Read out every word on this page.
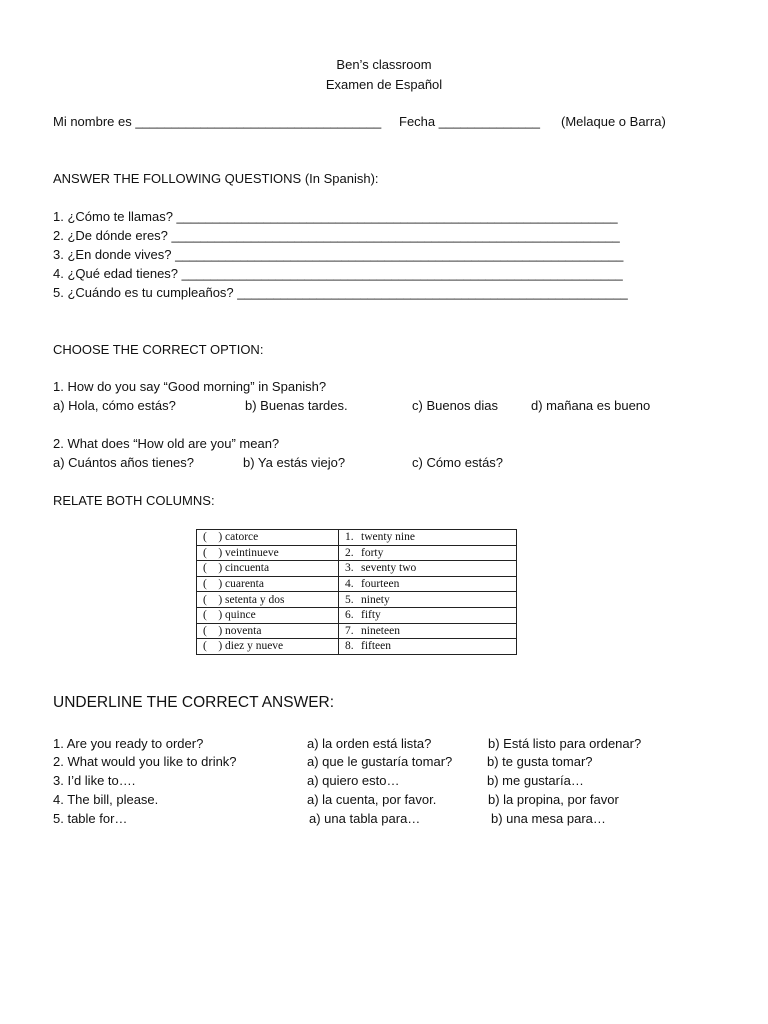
Ben’s classroom
Examen de Español
Mi nombre es __________________________________ Fecha ______________ (Melaque o Barra)
ANSWER THE FOLLOWING QUESTIONS (In Spanish):
1. ¿Cómo te llamas? _____________________________________________________________
2. ¿De dónde eres? ______________________________________________________________
3. ¿En donde vives? ______________________________________________________________
4. ¿Qué edad tienes? _____________________________________________________________
5. ¿Cuándo es tu cumpleaños? ______________________________________________________
CHOOSE THE CORRECT OPTION:
1. How do you say “Good morning” in Spanish?
a) Hola, cómo estás?	b) Buenas tardes.	c) Buenos dias	d) mañana es bueno
2. What does “How old are you” mean?
a) Cuántos años tienes?	b) Ya estás viejo?	c) Cómo estás?
RELATE BOTH COLUMNS:
(    ) catorce	1. twenty nine
(    ) veintinueve	2. forty
(    ) cincuenta	3. seventy two
(    ) cuarenta	4. fourteen
(    ) setenta y dos	5. ninety
(    ) quince	6. fifty
(    ) noventa	7. nineteen
(    ) diez y nueve	8. fifteen
UNDERLINE THE CORRECT ANSWER:
1. Are you ready to order?	a) la orden está lista?	b) Está listo para ordenar?
2. What would you like to drink?	a) que le gustaría tomar?	b) te gusta tomar?
3. I’d like to….	a) quiero esto…	b) me gustaría…
4. The bill, please.	a) la cuenta, por favor.	b) la propina, por favor
5. table for…	a) una tabla para…	b) una mesa para…
